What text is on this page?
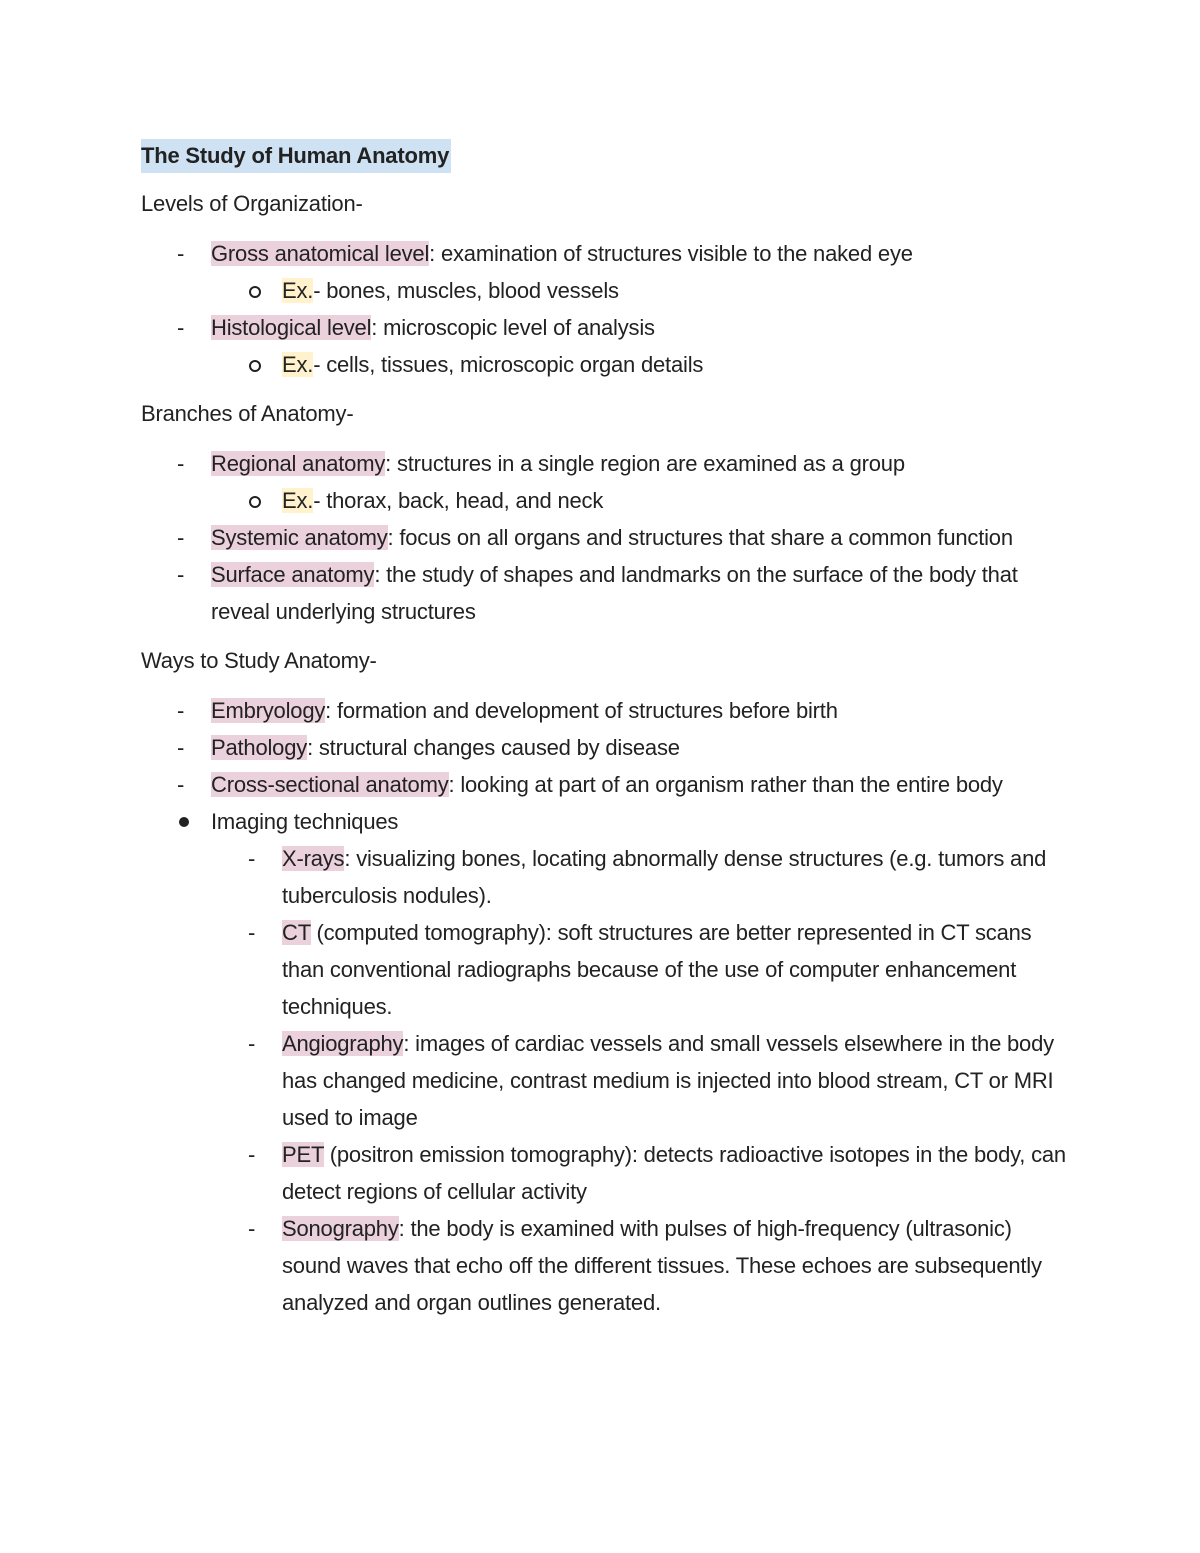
The Study of Human Anatomy
Levels of Organization-
-	Gross anatomical level: examination of structures visible to the naked eye
Ex.- bones, muscles, blood vessels
-	Histological level: microscopic level of analysis
Ex.- cells, tissues, microscopic organ details
Branches of Anatomy-
-	Regional anatomy: structures in a single region are examined as a group
Ex.- thorax, back, head, and neck
-	Systemic anatomy: focus on all organs and structures that share a common function
-	Surface anatomy: the study of shapes and landmarks on the surface of the body that reveal underlying structures
Ways to Study Anatomy-
-	Embryology: formation and development of structures before birth
-	Pathology: structural changes caused by disease
-	Cross-sectional anatomy: looking at part of an organism rather than the entire body
Imaging techniques
-	X-rays: visualizing bones, locating abnormally dense structures (e.g. tumors and tuberculosis nodules).
-	CT (computed tomography): soft structures are better represented in CT scans than conventional radiographs because of the use of computer enhancement techniques.
-	Angiography: images of cardiac vessels and small vessels elsewhere in the body has changed medicine, contrast medium is injected into blood stream, CT or MRI used to image
-	PET (positron emission tomography): detects radioactive isotopes in the body, can detect regions of cellular activity
-	Sonography: the body is examined with pulses of high-frequency (ultrasonic) sound waves that echo off the different tissues. These echoes are subsequently analyzed and organ outlines generated.
